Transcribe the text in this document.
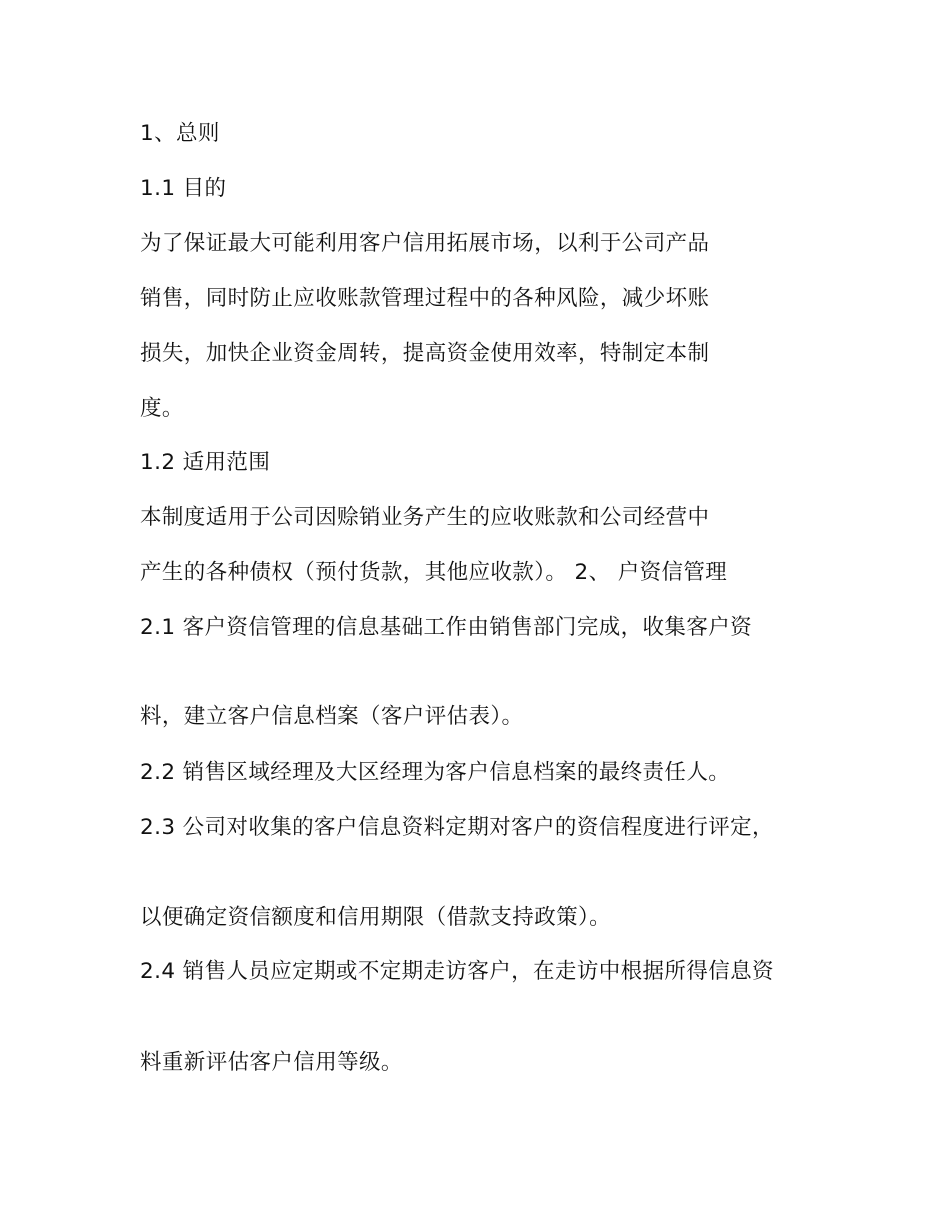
1、总则
1.1 目的
为了保证最大可能利用客户信用拓展市场，以利于公司产品
销售，同时防止应收账款管理过程中的各种风险，减少坏账
损失，加快企业资金周转，提高资金使用效率，特制定本制
度。
1.2 适用范围
本制度适用于公司因赊销业务产生的应收账款和公司经营中
产生的各种债权（预付货款，其他应收款）。 2、 户资信管理
2.1 客户资信管理的信息基础工作由销售部门完成，收集客户资
料，建立客户信息档案（客户评估表）。
2.2 销售区域经理及大区经理为客户信息档案的最终责任人。
2.3 公司对收集的客户信息资料定期对客户的资信程度进行评定，
以便确定资信额度和信用期限（借款支持政策）。
2.4 销售人员应定期或不定期走访客户，在走访中根据所得信息资
料重新评估客户信用等级。
